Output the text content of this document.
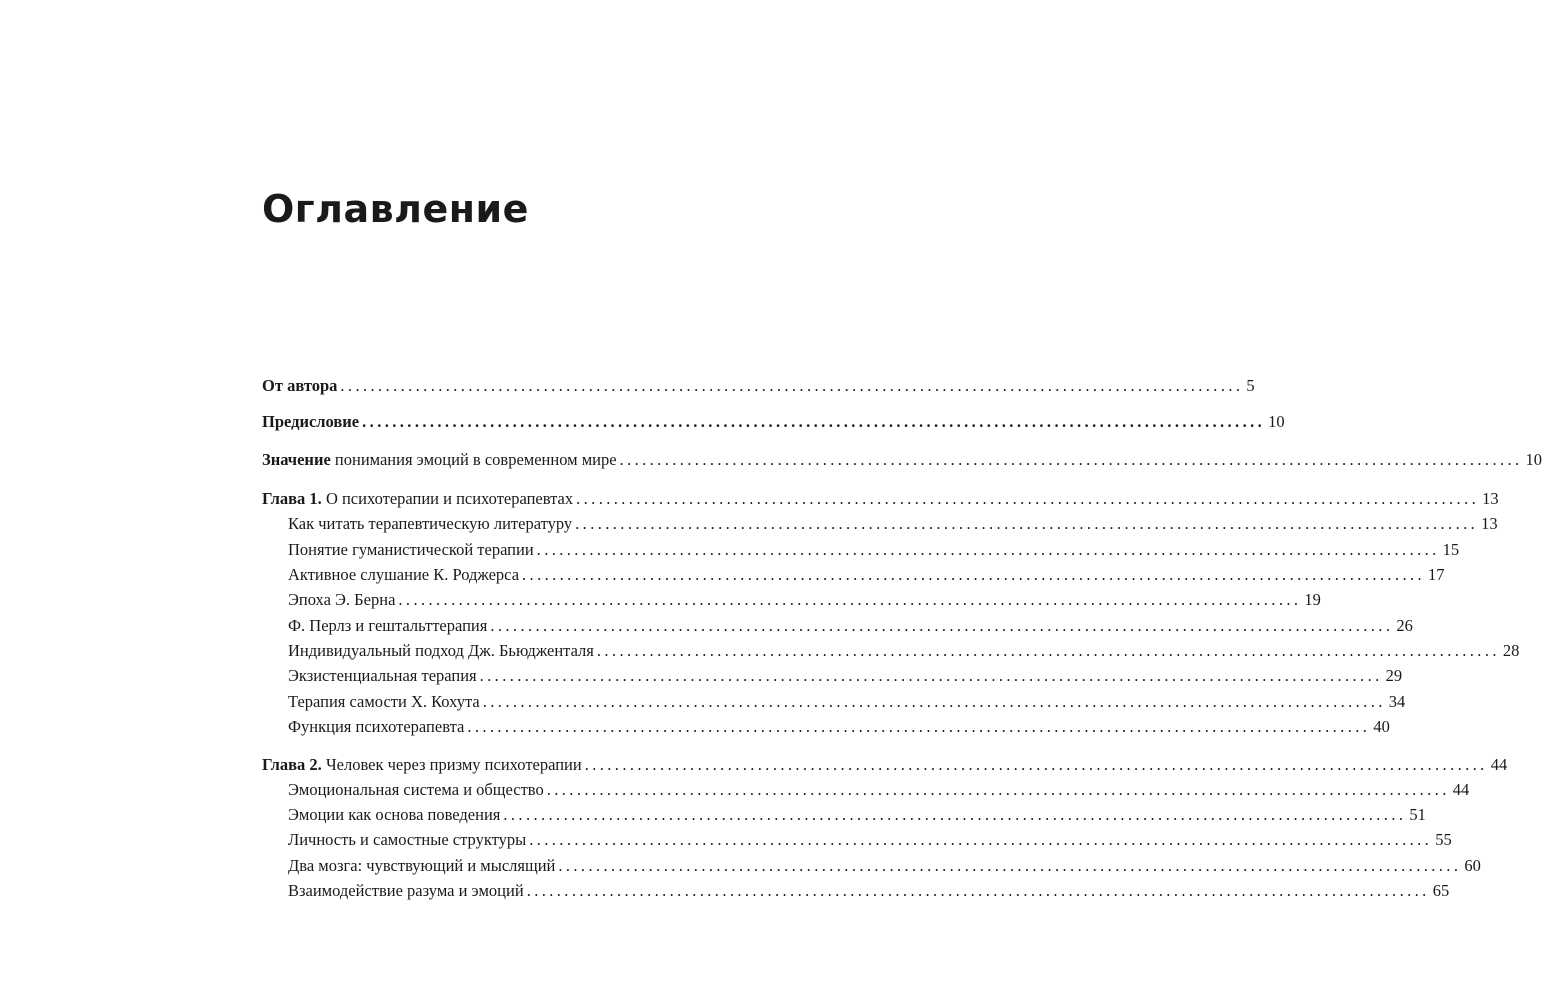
Оглавление
От автора ........................................................................................................................ 5
Предисловие ........................................................................................................................ 10
Значение понимания эмоций в современном мире ........................................................................................................................ 10
Глава 1. О психотерапии и психотерапевтах ........................................................................................................................ 13
Как читать терапевтическую литературу ........................................................................................................................ 13
Понятие гуманистической терапии ........................................................................................................................ 15
Активное слушание К. Роджерса ........................................................................................................................ 17
Эпоха Э. Берна ........................................................................................................................ 19
Ф. Перлз и гештальттерапия ........................................................................................................................ 26
Индивидуальный подход Дж. Бьюдженталя ........................................................................................................................ 28
Экзистенциальная терапия ........................................................................................................................ 29
Терапия самости Х. Кохута ........................................................................................................................ 34
Функция психотерапевта ........................................................................................................................ 40
Глава 2. Человек через призму психотерапии ........................................................................................................................ 44
Эмоциональная система и общество ........................................................................................................................ 44
Эмоции как основа поведения ........................................................................................................................ 51
Личность и самостные структуры ........................................................................................................................ 55
Два мозга: чувствующий и мыслящий ........................................................................................................................ 60
Взаимодействие разума и эмоций ........................................................................................................................ 65
